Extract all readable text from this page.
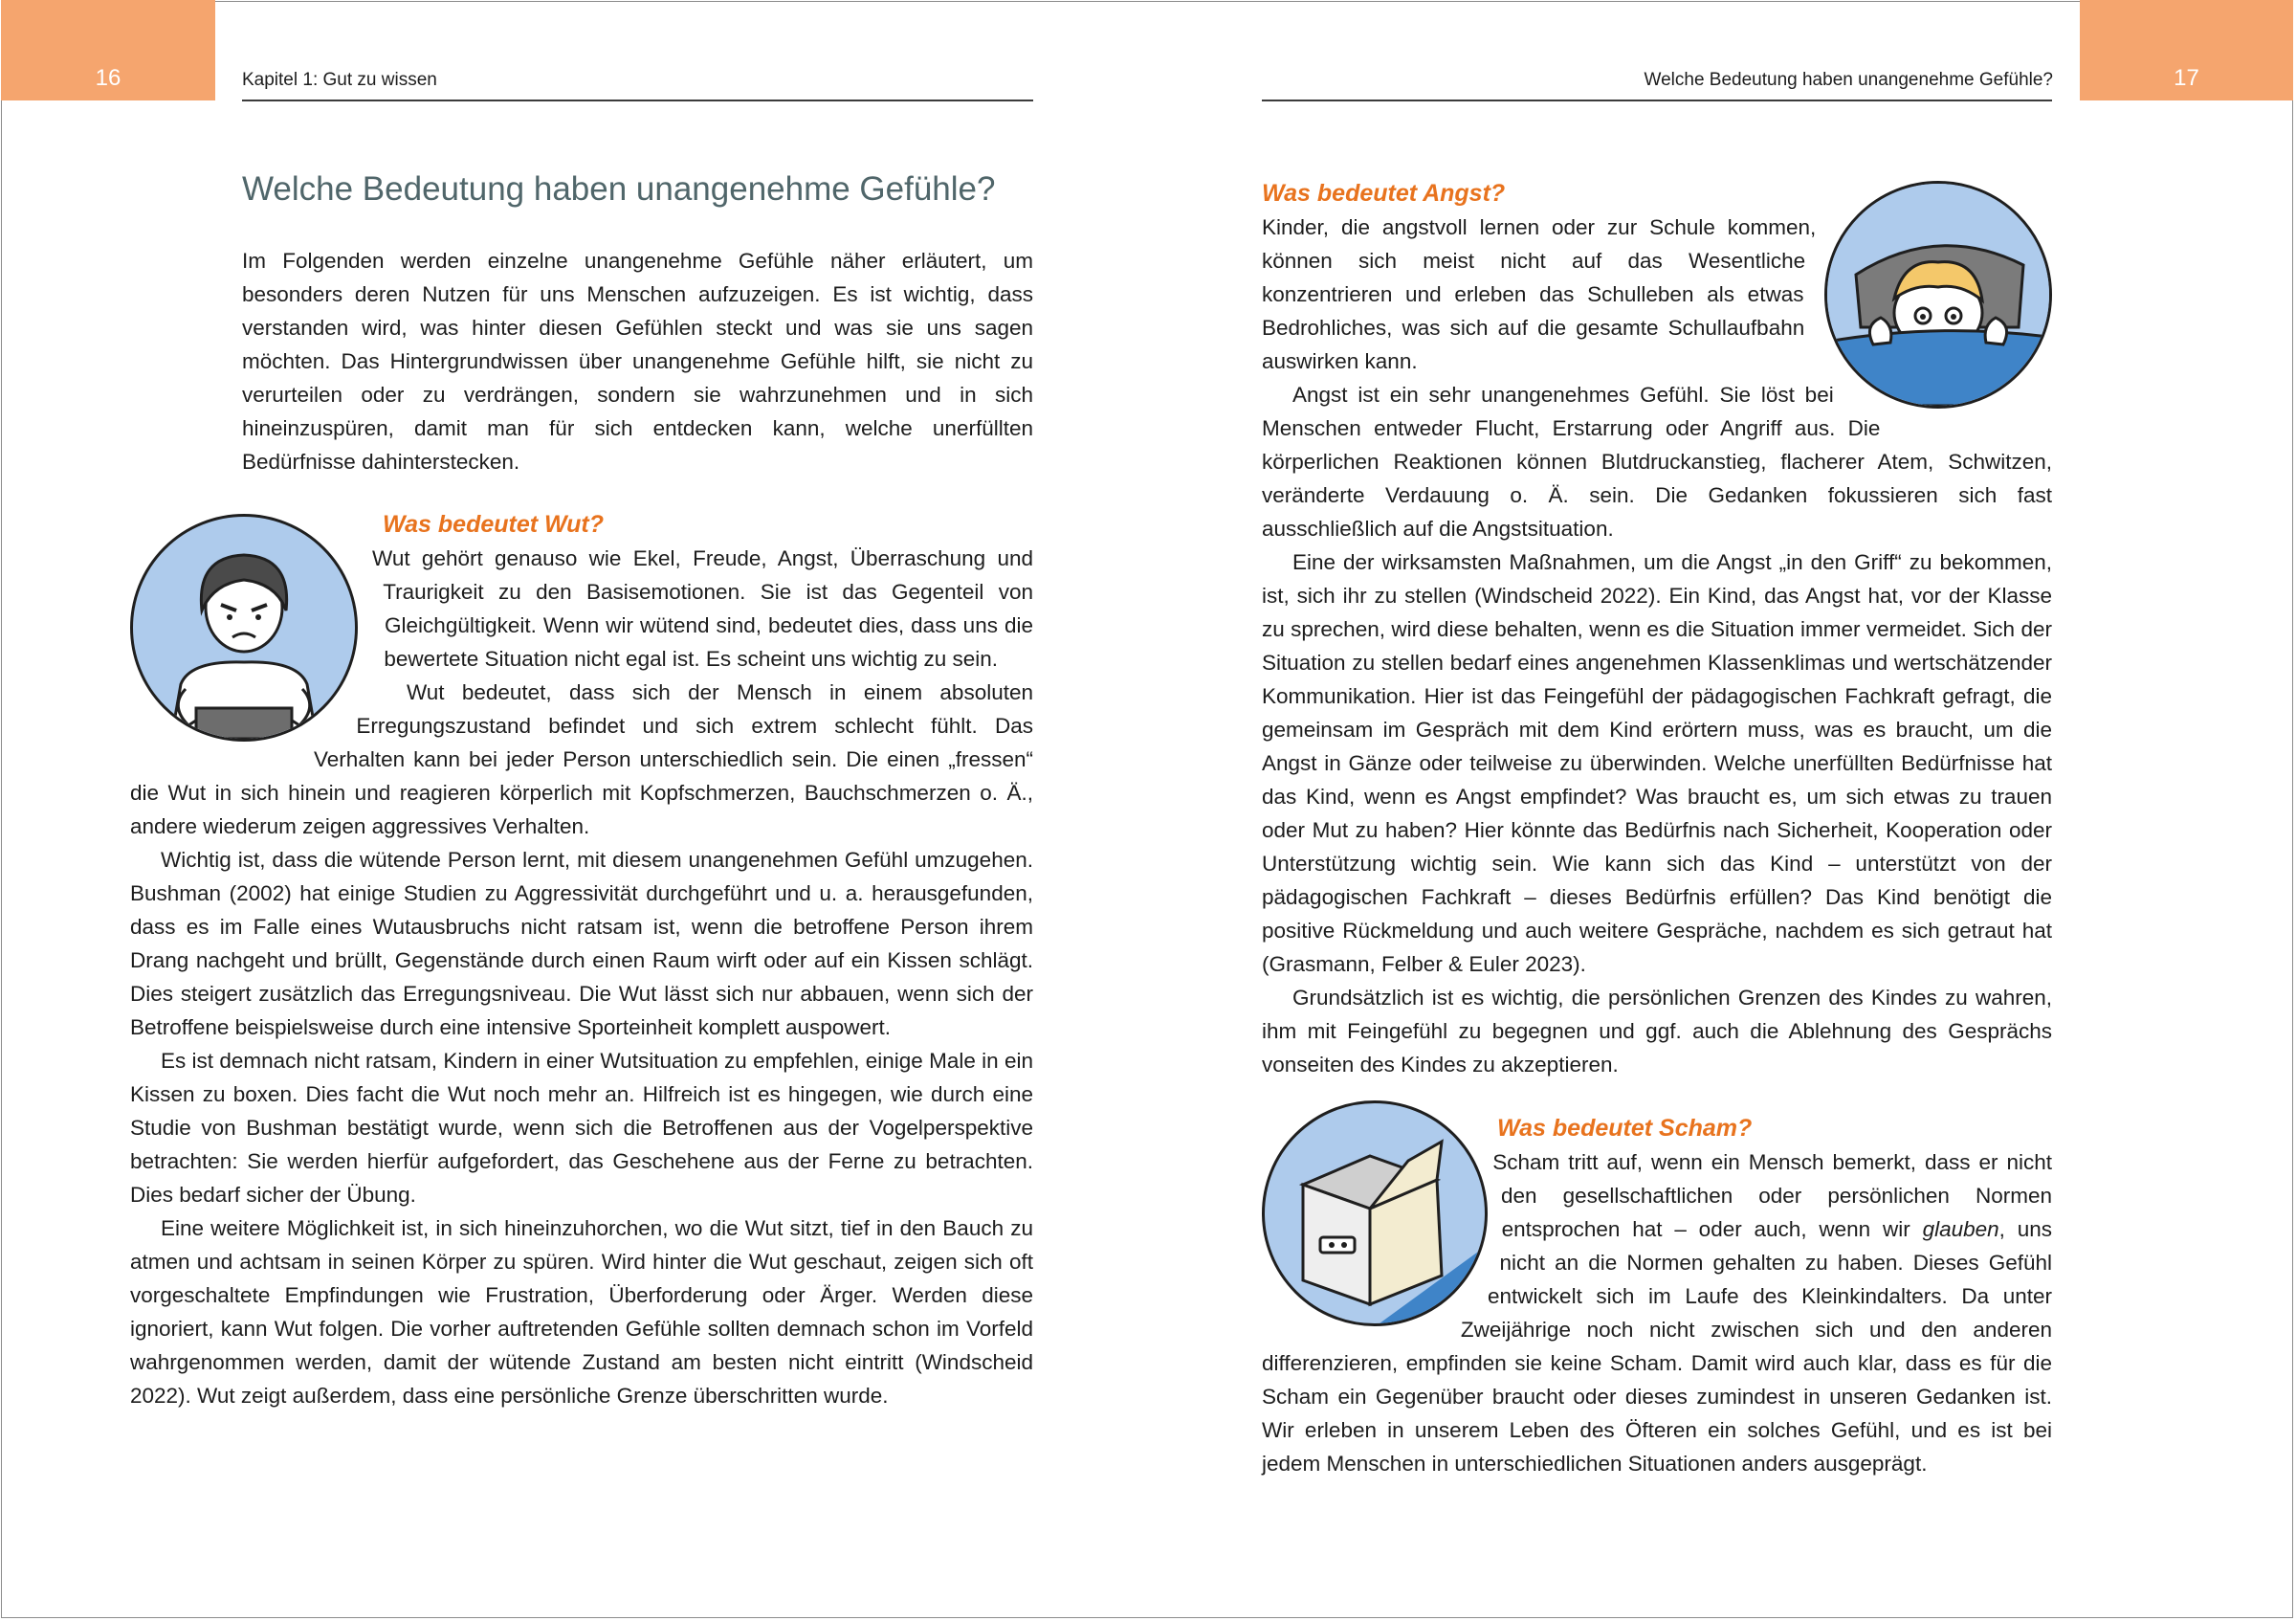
16	Kapitel 1: Gut zu wissen	Welche Bedeutung haben unangenehme Gefühle?	17
Welche Bedeutung haben unangenehme Gefühle?

Im Folgenden werden einzelne unangenehme Gefühle näher erläutert, um besonders deren Nutzen für uns Menschen aufzuzeigen. Es ist wichtig, dass verstanden wird, was hinter diesen Gefühlen steckt und was sie uns sagen möchten. Das Hintergrundwissen über unangenehme Gefühle hilft, sie nicht zu verurteilen oder zu verdrängen, sondern sie wahrzunehmen und in sich hineinzuspüren, damit man für sich entdecken kann, welche unerfüllten Bedürfnisse dahinterstecken.

Was bedeutet Wut?

Wut gehört genauso wie Ekel, Freude, Angst, Überraschung und Traurigkeit zu den Basisemotionen. Sie ist das Gegenteil von Gleichgültigkeit. Wenn wir wütend sind, bedeutet dies, dass uns die bewertete Situation nicht egal ist. Es scheint uns wichtig zu sein.

Wut bedeutet, dass sich der Mensch in einem absoluten Erregungszustand befindet und sich extrem schlecht fühlt. Das Verhalten kann bei jeder Person unterschiedlich sein. Die einen „fressen“ die Wut in sich hinein und reagieren körperlich mit Kopfschmerzen, Bauchschmerzen o. Ä., andere wiederum zeigen aggressives Verhalten.

Wichtig ist, dass die wütende Person lernt, mit diesem unangenehmen Gefühl umzugehen. Bushman (2002) hat einige Studien zu Aggressivität durchgeführt und u. a. herausgefunden, dass es im Falle eines Wutausbruchs nicht ratsam ist, wenn die betroffene Person ihrem Drang nachgeht und brüllt, Gegenstände durch einen Raum wirft oder auf ein Kissen schlägt. Dies steigert zusätzlich das Erregungsniveau. Die Wut lässt sich nur abbauen, wenn sich der Betroffene beispielsweise durch eine intensive Sporteinheit komplett auspowert.

Es ist demnach nicht ratsam, Kindern in einer Wutsituation zu empfehlen, einige Male in ein Kissen zu boxen. Dies facht die Wut noch mehr an. Hilfreich ist es hingegen, wie durch eine Studie von Bushman bestätigt wurde, wenn sich die Betroffenen aus der Vogelperspektive betrachten: Sie werden hierfür aufgefordert, das Geschehene aus der Ferne zu betrachten. Dies bedarf sicher der Übung.

Eine weitere Möglichkeit ist, in sich hineinzuhorchen, wo die Wut sitzt, tief in den Bauch zu atmen und achtsam in seinen Körper zu spüren. Wird hinter die Wut geschaut, zeigen sich oft vorgeschaltete Empfindungen wie Frustration, Überforderung oder Ärger. Werden diese ignoriert, kann Wut folgen. Die vorher auftretenden Gefühle sollten demnach schon im Vorfeld wahrgenommen werden, damit der wütende Zustand am besten nicht eintritt (Windscheid 2022). Wut zeigt außerdem, dass eine persönliche Grenze überschritten wurde.

Was bedeutet Angst?

Kinder, die angstvoll lernen oder zur Schule kommen, können sich meist nicht auf das Wesentliche konzentrieren und erleben das Schulleben als etwas Bedrohliches, was sich auf die gesamte Schullaufbahn auswirken kann.

Angst ist ein sehr unangenehmes Gefühl. Sie löst bei Menschen entweder Flucht, Erstarrung oder Angriff aus. Die körperlichen Reaktionen können Blutdruckanstieg, flacherer Atem, Schwitzen, veränderte Verdauung o. Ä. sein. Die Gedanken fokussieren sich fast ausschließlich auf die Angstsituation.

Eine der wirksamsten Maßnahmen, um die Angst „in den Griff“ zu bekommen, ist, sich ihr zu stellen (Windscheid 2022). Ein Kind, das Angst hat, vor der Klasse zu sprechen, wird diese behalten, wenn es die Situation immer vermeidet. Sich der Situation zu stellen bedarf eines angenehmen Klassenklimas und wertschätzender Kommunikation. Hier ist das Feingefühl der pädagogischen Fachkraft gefragt, die gemeinsam im Gespräch mit dem Kind erörtern muss, was es braucht, um die Angst in Gänze oder teilweise zu überwinden. Welche unerfüllten Bedürfnisse hat das Kind, wenn es Angst empfindet? Was braucht es, um sich etwas zu trauen oder Mut zu haben? Hier könnte das Bedürfnis nach Sicherheit, Kooperation oder Unterstützung wichtig sein. Wie kann sich das Kind – unterstützt von der pädagogischen Fachkraft – dieses Bedürfnis erfüllen? Das Kind benötigt die positive Rückmeldung und auch weitere Gespräche, nachdem es sich getraut hat (Grasmann, Felber & Euler 2023).

Grundsätzlich ist es wichtig, die persönlichen Grenzen des Kindes zu wahren, ihm mit Feingefühl zu begegnen und ggf. auch die Ablehnung des Gesprächs vonseiten des Kindes zu akzeptieren.

Was bedeutet Scham?

Scham tritt auf, wenn ein Mensch bemerkt, dass er nicht den gesellschaftlichen oder persönlichen Normen entsprochen hat – oder auch, wenn wir glauben, uns nicht an die Normen gehalten zu haben. Dieses Gefühl entwickelt sich im Laufe des Kleinkindalters. Da unter Zweijährige noch nicht zwischen sich und den anderen differenzieren, empfinden sie keine Scham. Damit wird auch klar, dass es für die Scham ein Gegenüber braucht oder dieses zumindest in unseren Gedanken ist. Wir erleben in unserem Leben des Öfteren ein solches Gefühl, und es ist bei jedem Menschen in unterschiedlichen Situationen anders ausgeprägt.
